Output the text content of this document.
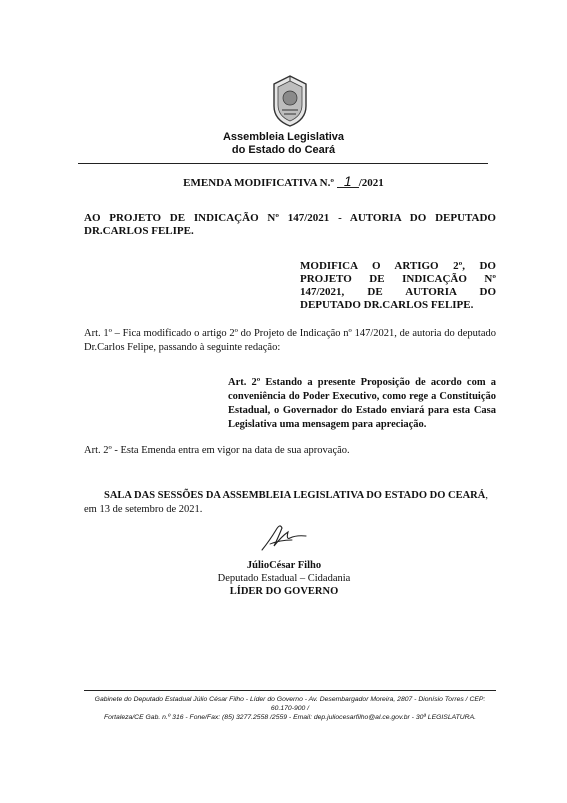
Assembleia Legislativa
do Estado do Ceará
EMENDA MODIFICATIVA N.º 1 /2021
AO PROJETO DE INDICAÇÃO Nº 147/2021 - AUTORIA DO DEPUTADO DR.CARLOS FELIPE.
MODIFICA O ARTIGO 2º, DO PROJETO DE INDICAÇÃO Nº 147/2021, DE AUTORIA DO DEPUTADO DR.CARLOS FELIPE.
Art. 1º – Fica modificado o artigo 2º do Projeto de Indicação nº 147/2021, de autoria do deputado Dr.Carlos Felipe, passando à seguinte redação:
Art. 2º Estando a presente Proposição de acordo com a conveniência do Poder Executivo, como rege a Constituição Estadual, o Governador do Estado enviará para esta Casa Legislativa uma mensagem para apreciação.
Art. 2º - Esta Emenda entra em vigor na data de sua aprovação.
SALA DAS SESSÕES DA ASSEMBLEIA LEGISLATIVA DO ESTADO DO CEARÁ, em 13 de setembro de 2021.
JúlioCésar Filho
Deputado Estadual – Cidadania
LÍDER DO GOVERNO
Gabinete do Deputado Estadual Júlio César Filho - Líder do Governo - Av. Desembargador Moreira, 2807 - Dionísio Torres / CEP: 60.170-900 /
Fortaleza/CE Gab. n.º 316 - Fone/Fax: (85) 3277.2558 /2559 - Email: dep.juliocesarfilho@al.ce.gov.br - 30ª LEGISLATURA.
